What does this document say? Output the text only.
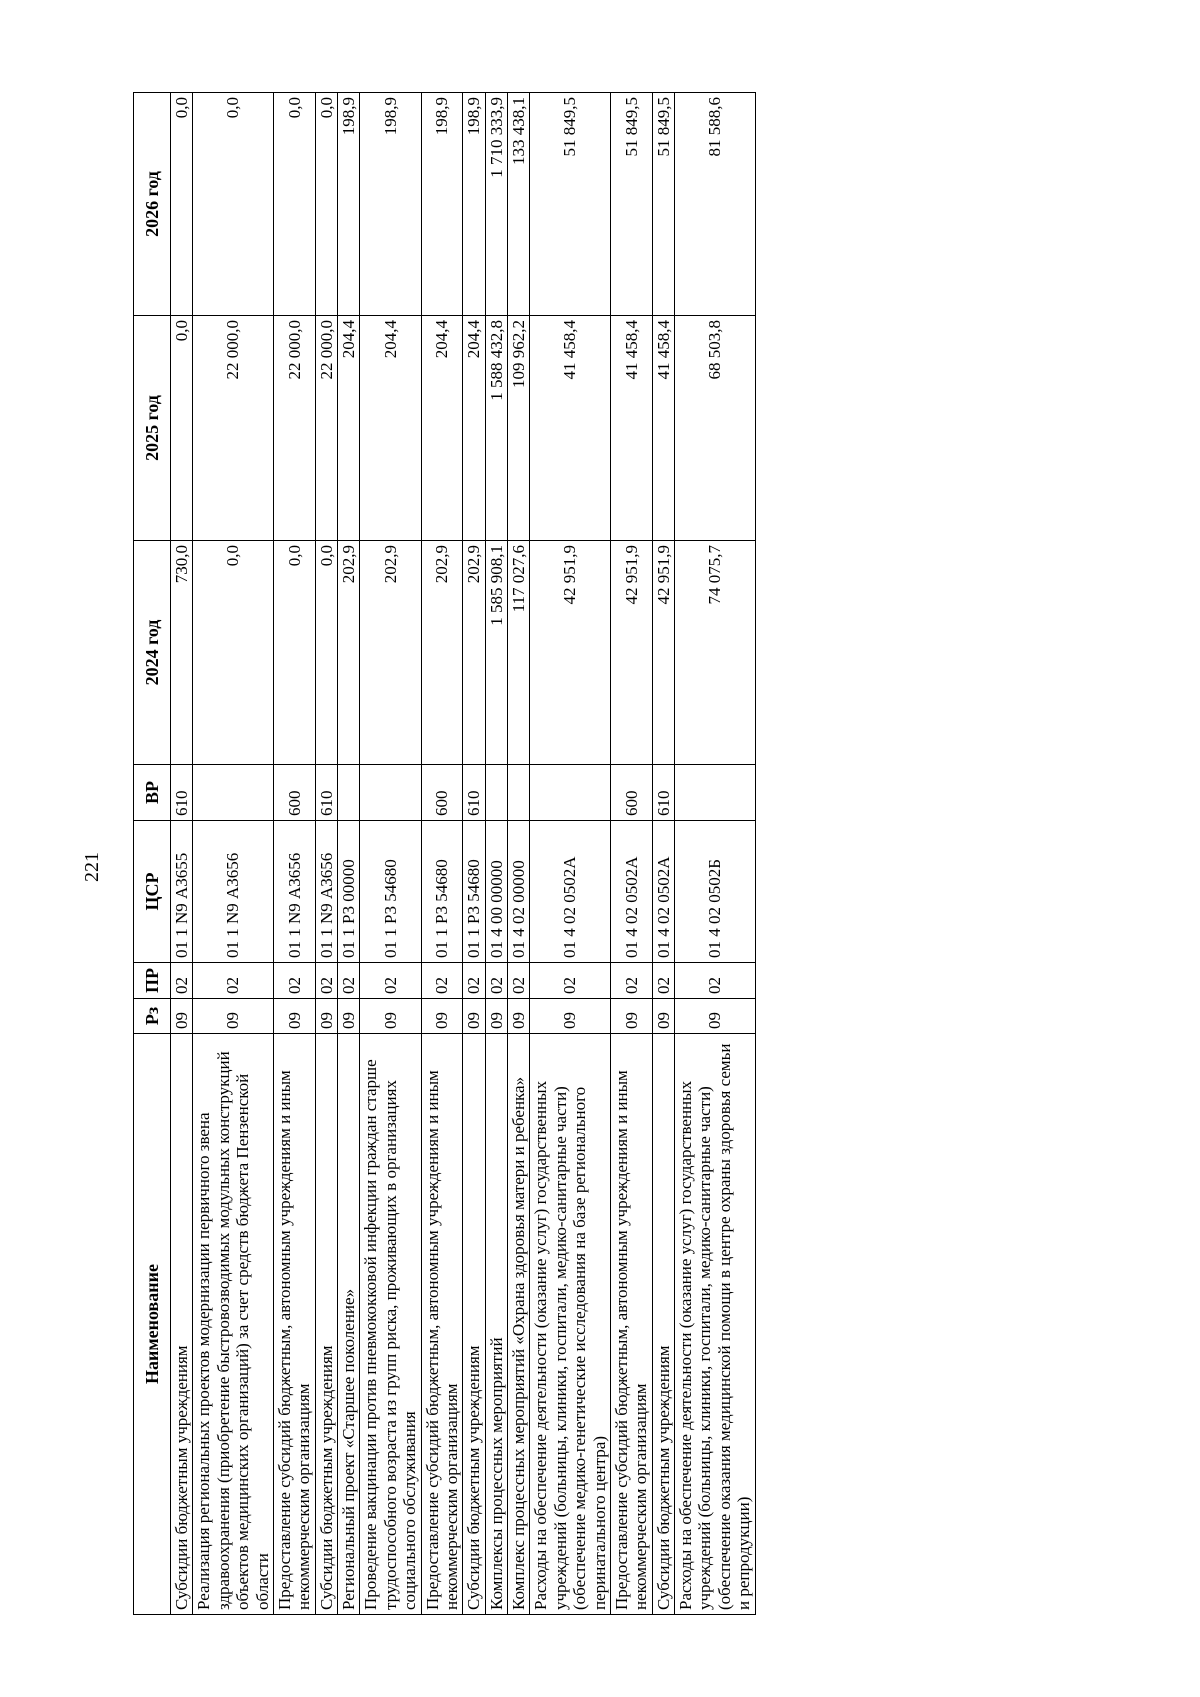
221
Наименование	Рз	ПР	ЦСР	ВР	2024 год	2025 год	2026 год
Субсидии бюджетным учреждениям	09	02	01 1 N9 А3655	610	730,0	0,0	0,0
Реализация региональных проектов модернизации первичного звена здравоохранения (приобретение быстровозводимых модульных конструкций объектов медицинских организаций) за счет средств бюджета Пензенской области	09	02	01 1 N9 А3656		0,0	22 000,0	0,0
Предоставление субсидий бюджетным, автономным учреждениям и иным некоммерческим организациям	09	02	01 1 N9 А3656	600	0,0	22 000,0	0,0
Субсидии бюджетным учреждениям	09	02	01 1 N9 А3656	610	0,0	22 000,0	0,0
Региональный проект «Старшее поколение»	09	02	01 1 Р3 00000		202,9	204,4	198,9
Проведение вакцинации против пневмококковой инфекции граждан старше трудоспособного возраста из групп риска, проживающих в организациях социального обслуживания	09	02	01 1 Р3 54680		202,9	204,4	198,9
Предоставление субсидий бюджетным, автономным учреждениям и иным некоммерческим организациям	09	02	01 1 Р3 54680	600	202,9	204,4	198,9
Субсидии бюджетным учреждениям	09	02	01 1 Р3 54680	610	202,9	204,4	198,9
Комплексы процессных мероприятий	09	02	01 4 00 00000		1 585 908,1	1 588 432,8	1 710 333,9
Комплекс процессных мероприятий «Охрана здоровья матери и ребенка»	09	02	01 4 02 00000		117 027,6	109 962,2	133 438,1
Расходы на обеспечение деятельности (оказание услуг) государственных учреждений (больницы, клиники, госпитали, медико-санитарные части) (обеспечение медико-генетические исследования на базе регионального перинатального центра)	09	02	01 4 02 0502А		42 951,9	41 458,4	51 849,5
Предоставление субсидий бюджетным, автономным учреждениям и иным некоммерческим организациям	09	02	01 4 02 0502А	600	42 951,9	41 458,4	51 849,5
Субсидии бюджетным учреждениям	09	02	01 4 02 0502А	610	42 951,9	41 458,4	51 849,5
Расходы на обеспечение деятельности (оказание услуг) государственных учреждений (больницы, клиники, госпитали, медико-санитарные части) (обеспечение оказания медицинской помощи в центре охраны здоровья семьи и репродукции)	09	02	01 4 02 0502Б		74 075,7	68 503,8	81 588,6
